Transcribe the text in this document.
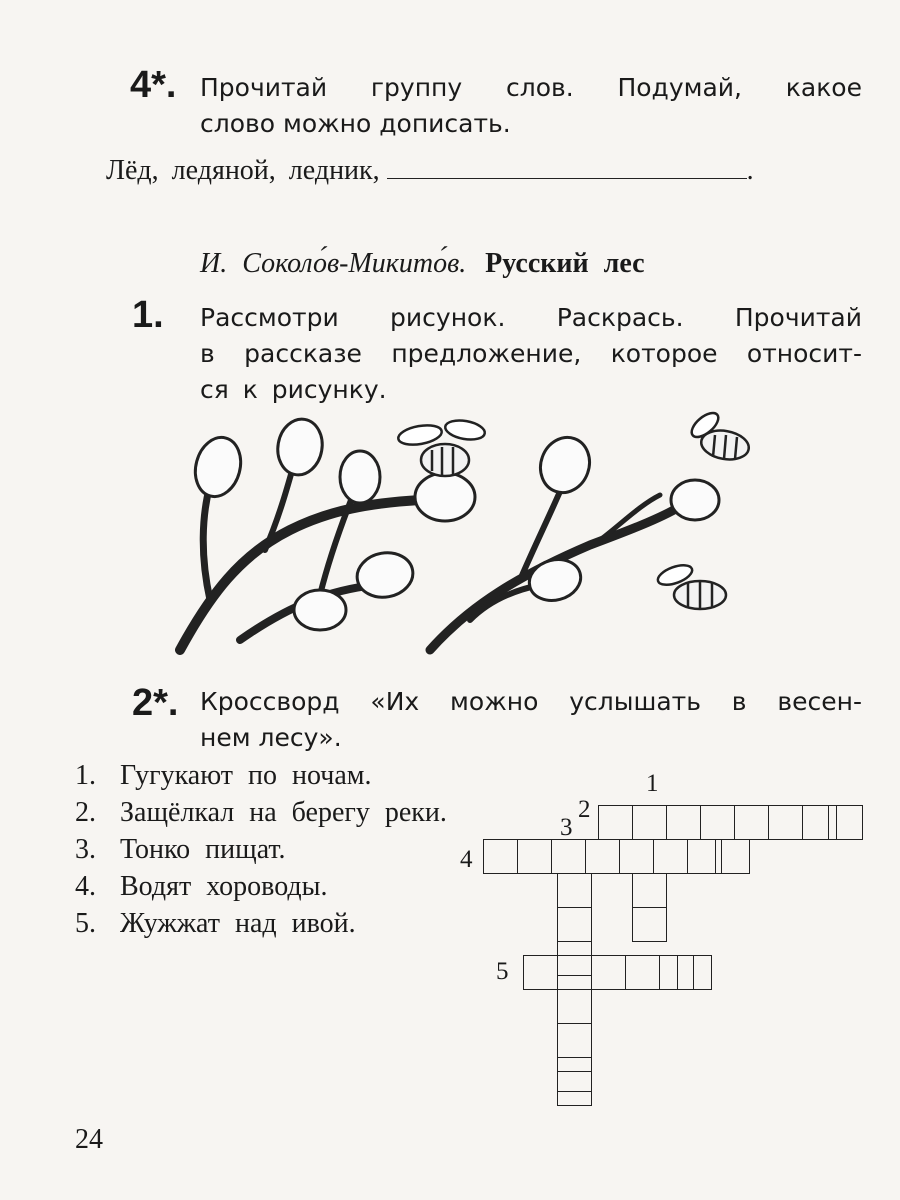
4*. Прочитай группу слов. Подумай, какое
слово можно дописать.
Лёд, ледяной, ледник,	.
И. Соколо́в-Микито́в. Русский лес
1. Рассмотри рисунок. Раскрась. Прочитай
в рассказе предложение, которое относит-
ся к рисунку.
2*. Кроссворд «Их можно услышать в весен-
нем лесу».
1. Гугукают по ночам.
2. Защёлкал на берегу реки.
3. Тонко пищат.
4. Водят хороводы.
5. Жужжат над ивой.
1
2
3
4
5
24
